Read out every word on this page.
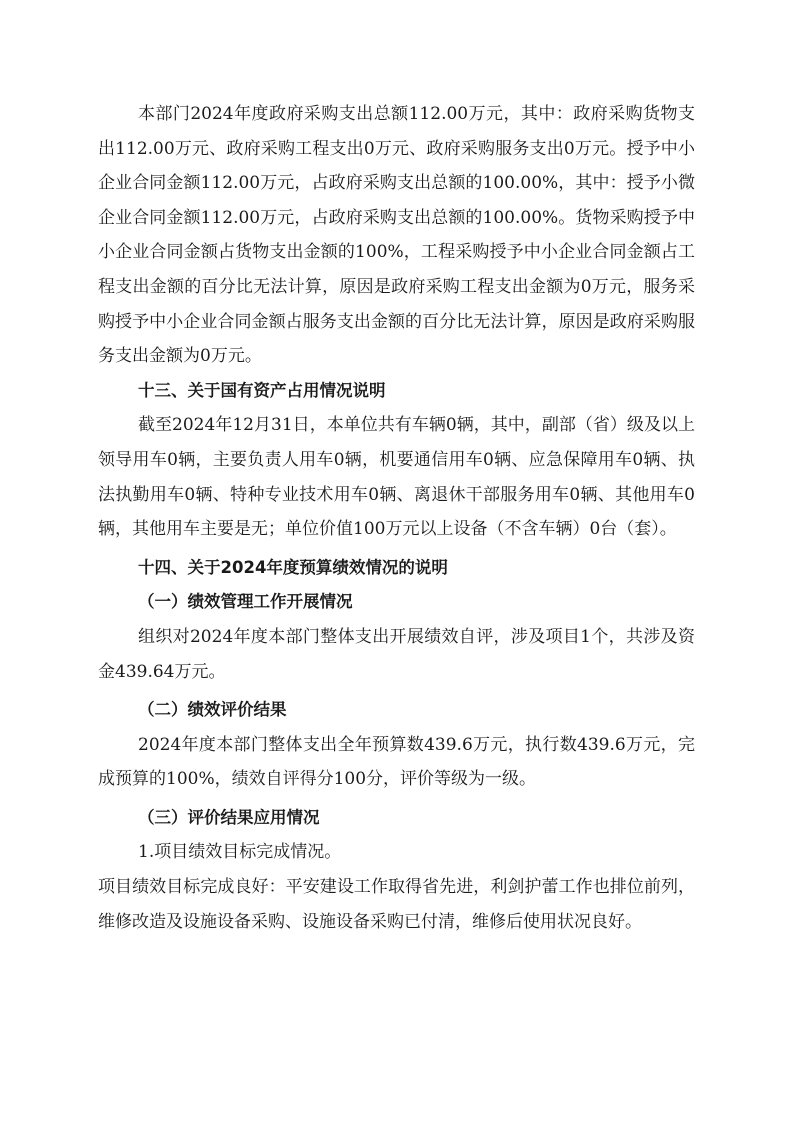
本部门2024年度政府采购支出总额112.00万元，其中：政府采购货物支出112.00万元、政府采购工程支出0万元、政府采购服务支出0万元。授予中小企业合同金额112.00万元，占政府采购支出总额的100.00%，其中：授予小微企业合同金额112.00万元，占政府采购支出总额的100.00%。货物采购授予中小企业合同金额占货物支出金额的100%，工程采购授予中小企业合同金额占工程支出金额的百分比无法计算，原因是政府采购工程支出金额为0万元，服务采购授予中小企业合同金额占服务支出金额的百分比无法计算，原因是政府采购服务支出金额为0万元。

十三、关于国有资产占用情况说明

截至2024年12月31日，本单位共有车辆0辆，其中，副部（省）级及以上领导用车0辆，主要负责人用车0辆，机要通信用车0辆、应急保障用车0辆、执法执勤用车0辆、特种专业技术用车0辆、离退休干部服务用车0辆、其他用车0辆，其他用车主要是无；单位价值100万元以上设备（不含车辆）0台（套）。

十四、关于2024年度预算绩效情况的说明

（一）绩效管理工作开展情况

组织对2024年度本部门整体支出开展绩效自评，涉及项目1个，共涉及资金439.64万元。

（二）绩效评价结果

2024年度本部门整体支出全年预算数439.6万元，执行数439.6万元，完成预算的100%，绩效自评得分100分，评价等级为一级。

（三）评价结果应用情况

1.项目绩效目标完成情况。

项目绩效目标完成良好：平安建设工作取得省先进，利剑护蕾工作也排位前列，维修改造及设施设备采购、设施设备采购已付清，维修后使用状况良好。
